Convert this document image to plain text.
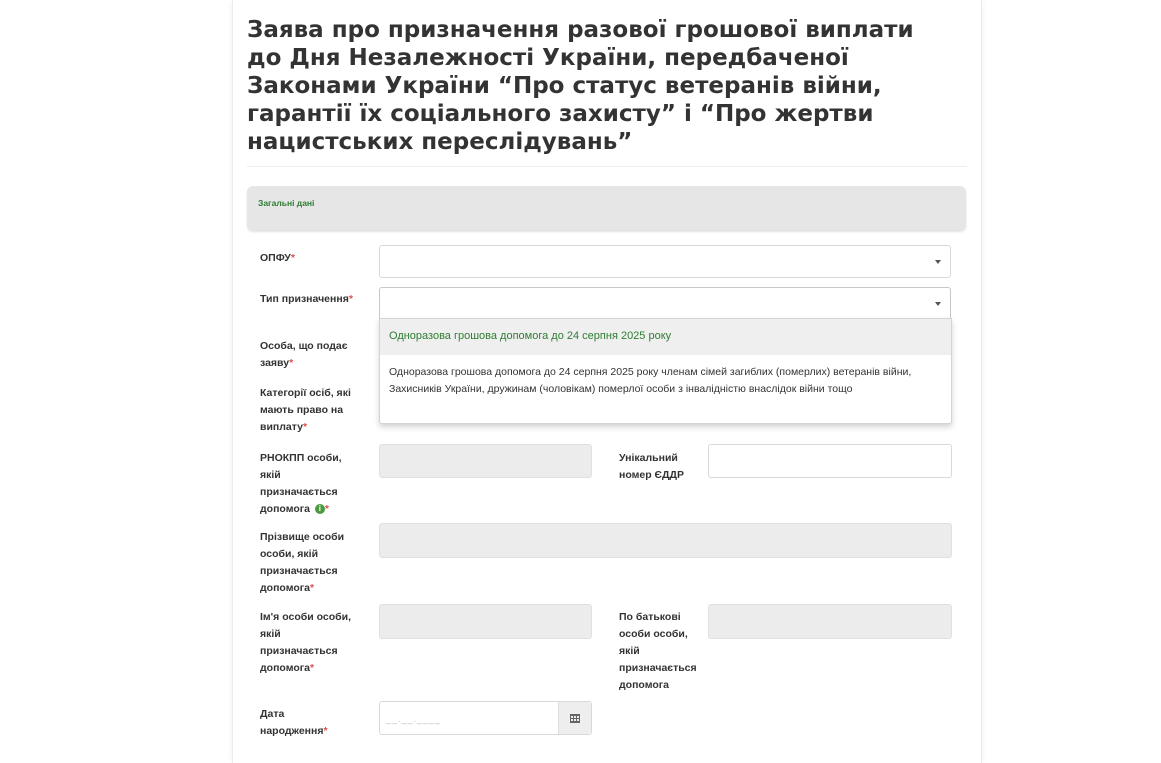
Заява про призначення разової грошової виплати до Дня Незалежності України, передбаченої Законами України “Про статус ветеранів війни, гарантії їх соціального захисту” і “Про жертви нацистських переслідувань”
Загальні дані
ОПФУ*
Тип призначення*
Одноразова грошова допомога до 24 серпня 2025 року
Одноразова грошова допомога до 24 серпня 2025 року членам сімей загиблих (померлих) ветеранів війни, Захисників України, дружинам (чоловікам) померлої особи з інвалідністю внаслідок війни тощо
Особа, що подає заяву*
Категорії осіб, які мають право на виплату*
РНОКПП особи, якій призначається допомога i *
Унікальний номер ЄДДР
Прізвище особи особи, якій призначається допомога*
Ім'я особи особи, якій призначається допомога*
По батькові особи особи, якій призначається допомога
Дата народження*
__.__.____
